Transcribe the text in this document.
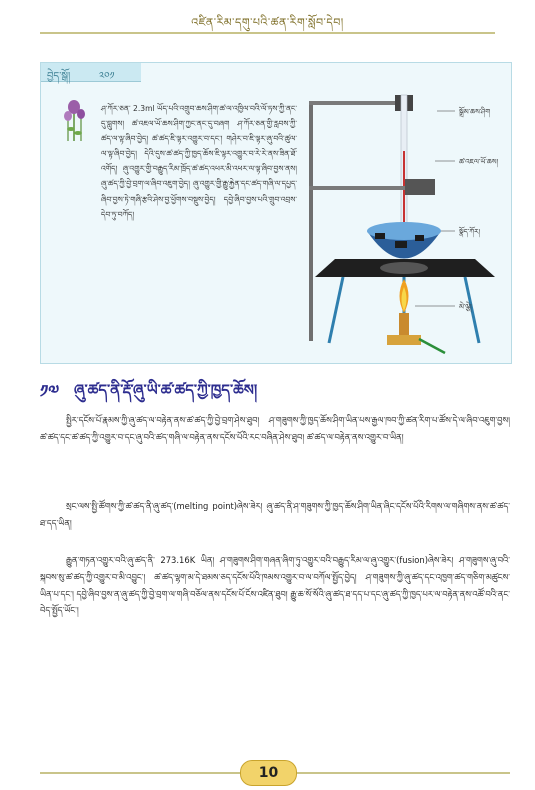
འཛིན་རིམ་དགུ་པའི་ཚན་རིག་སློབ་དེབ།
བྱེད་སྒོ།	༢༠༡
ཤ་ཀོར་ཅན་ 2.3ml ཡོད་པའི་འགྲུབ་ཆས་ཤིག་ཚ་ལ་འཁྱིལ་བའི་ལོ་ཏས་ཀྱི་ནང་དུ་བླུགས། ཚ་འཇལ་ཡོ་ཆས་ཤིག་ཀྱང་ནང་དུ་བཞག ཤ་ཀོར་ཅན་གྱི་རླབས་ཀྱི་ཚད་ལ་ལྟ་ཞིབ་བྱེད། ཚ་ཚད་ཇི་ལྟར་འགྱུར་བ་དང་། གཤེར་བ་ཇི་ལྟར་ཞུ་བའི་ཚུལ་ལ་ལྟ་ཞིབ་བྱེད། དེའི་དུས་ཚ་ཚད་ཀྱི་ཁྱད་ཆོས་ཇི་ལྟར་འགྱུར་བ་རེ་རེ་ནས་ཟིན་ཐོ་འགོད། ཞུ་འགྱུར་གྱི་བརྒྱུད་རིམ་ཁྲོད་ཚ་ཚད་འཕར་མི་འཕར་ལ་ལྟ་ཞིབ་བྱས་ནས། ཞུ་ཚད་ཀྱི་བྱེ་བྲག་ལ་ཞིབ་འཇུག་བྱེད། ཞུ་འགྱུར་གྱི་རྒྱུ་རྐྱེན་དང་ཚད་གཞི་ལ་དཔྱད་ཞིབ་བྱས་ཏེ་གཞི་རྩའི་ཤེས་བྱ་ཕྱོགས་བསྡུས་བྱེད། དབྱེ་ཞིབ་བྱས་པའི་གྲུབ་འབྲས་དེབ་ཏུ་བཀོད།
སྒྲོམ་ཆས་ཤིག
ཚ་འཇལ་ཡོ་ཆས།
སྣོད་ཀོར།
མེ་ལྕེ།
༡༧ ཞུ་ཚད་ནི་རྡོ་ཞུ་ཡི་ཚ་ཚད་ཀྱི་ཁྱད་ཆོས།
སྤྱིར་དངོས་པོ་རྣམས་ཀྱི་ཞུ་ཚད་ལ་བརྟེན་ནས་ཚ་ཚད་ཀྱི་བྱེ་བྲག་ཤེས་ཐུབ། ཤ་གཟུགས་ཀྱི་ཁྱད་ཆོས་ཤིག་ཡིན་པས་རྒྱལ་ཁབ་ཀྱི་ཚན་རིག་པ་ཚོས་དེ་ལ་ཞིབ་འཇུག་བྱས། ཚ་ཚད་དང་ཚ་ཚད་ཀྱི་འགྱུར་བ་དང་ཞུ་བའི་ཚད་གཞི་ལ་བརྟེན་ནས་དངོས་པོའི་རང་བཞིན་ཤེས་ཐུབ། ཚ་ཚད་ལ་བརྟེན་ནས་འགྱུར་བ་ཡིན།
སྲང་ལས་སྤྱི་ཚོགས་ཀྱི་ཚ་ཚད་ནི་ཞུ་ཚད་(melting point)ཞེས་ཟེར། ཞུ་ཚད་ནི་ཤ་གཟུགས་ཀྱི་ཁྱད་ཆོས་ཤིག་ཡིན་ཞིང་དངོས་པོའི་རིགས་ལ་གཞིགས་ནས་ཚ་ཚད་ཐ་དད་ཡིན།
རྒྱུན་གཏན་འགྱུར་བའི་ཞུ་ཚད་ནི་ 273.16K ཡིན། ཤ་གཟུགས་ཤིག་གཞན་ཞིག་ཏུ་འགྱུར་བའི་བརྒྱུད་རིམ་ལ་ཞུ་འགྱུར་(fusion)ཞེས་ཟེར། ཤ་གཟུགས་ཞུ་བའི་སྐབས་སུ་ཚ་ཚད་ཀྱི་འགྱུར་བ་མི་འབྱུང་། ཚ་ཚད་ལྷག་མ་དེ་ཐམས་ཅད་དངོས་པོའི་ཁམས་འགྱུར་བ་ལ་བཀོལ་སྤྱོད་བྱེད། ཤ་གཟུགས་ཀྱི་ཞུ་ཚད་དང་འཁྱག་ཚད་གཅིག་མཚུངས་ཡིན་པ་དང་། དབྱེ་ཞིབ་བྱས་ན་ཞུ་ཚད་ཀྱི་བྱེ་བྲག་ལ་གཞི་བཅོལ་ནས་དངོས་པོ་ངོས་འཛིན་ཐུབ། རྒྱུ་ཆ་སོ་སོའི་ཞུ་ཚད་ཐ་དད་པ་དང་ཞུ་ཚད་ཀྱི་ཁྱད་པར་ལ་བརྟེན་ནས་འཚོ་བའི་ནང་བེད་སྤྱོད་ཡོང་།
10
